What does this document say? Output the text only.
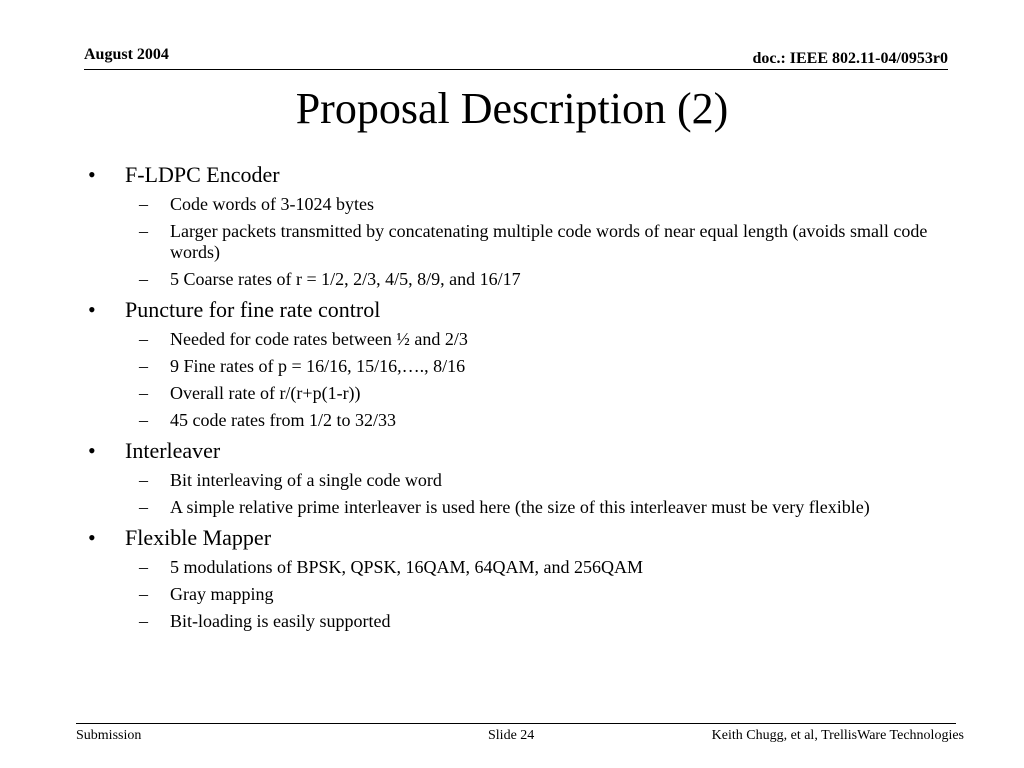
August 2004	doc.: IEEE 802.11-04/0953r0
Proposal Description (2)
• F-LDPC Encoder
– Code words of 3-1024 bytes
– Larger packets transmitted by concatenating multiple code words of near equal length (avoids small code words)
– 5 Coarse rates of r = 1/2, 2/3, 4/5, 8/9, and 16/17
• Puncture for fine rate control
– Needed for code rates between ½ and 2/3
– 9 Fine rates of p = 16/16, 15/16,…., 8/16
– Overall rate of r/(r+p(1-r))
– 45 code rates from 1/2 to 32/33
• Interleaver
– Bit interleaving of a single code word
– A simple relative prime interleaver is used here (the size of this interleaver must be very flexible)
• Flexible Mapper
– 5 modulations of BPSK, QPSK, 16QAM, 64QAM, and 256QAM
– Gray mapping
– Bit-loading is easily supported
Submission	Slide 24	Keith Chugg, et al, TrellisWare Technologies
